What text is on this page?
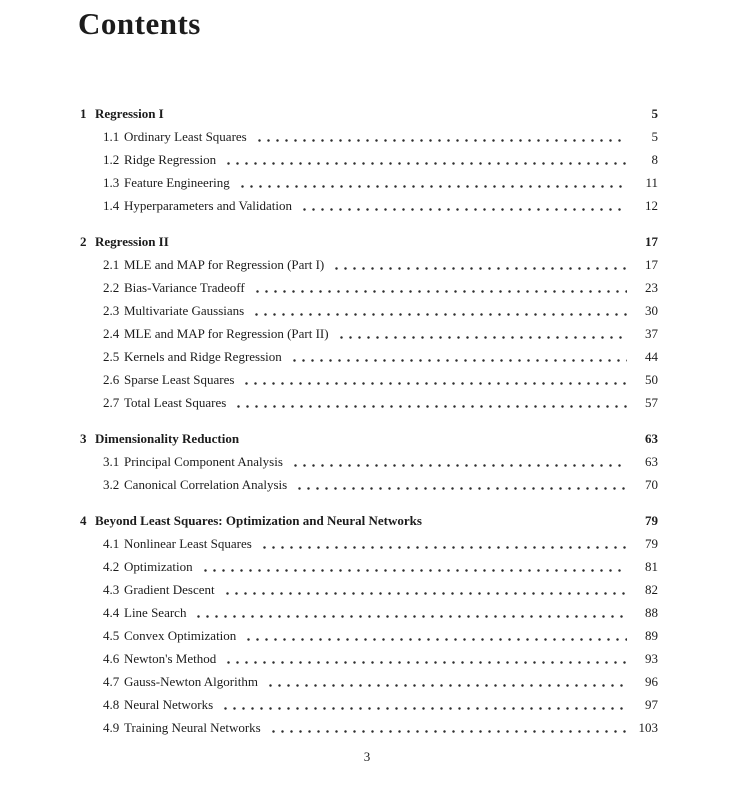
Contents
1 Regression I	5
1.1 Ordinary Least Squares	5
1.2 Ridge Regression	8
1.3 Feature Engineering	11
1.4 Hyperparameters and Validation	12
2 Regression II	17
2.1 MLE and MAP for Regression (Part I)	17
2.2 Bias-Variance Tradeoff	23
2.3 Multivariate Gaussians	30
2.4 MLE and MAP for Regression (Part II)	37
2.5 Kernels and Ridge Regression	44
2.6 Sparse Least Squares	50
2.7 Total Least Squares	57
3 Dimensionality Reduction	63
3.1 Principal Component Analysis	63
3.2 Canonical Correlation Analysis	70
4 Beyond Least Squares: Optimization and Neural Networks	79
4.1 Nonlinear Least Squares	79
4.2 Optimization	81
4.3 Gradient Descent	82
4.4 Line Search	88
4.5 Convex Optimization	89
4.6 Newton's Method	93
4.7 Gauss-Newton Algorithm	96
4.8 Neural Networks	97
4.9 Training Neural Networks	103
3
